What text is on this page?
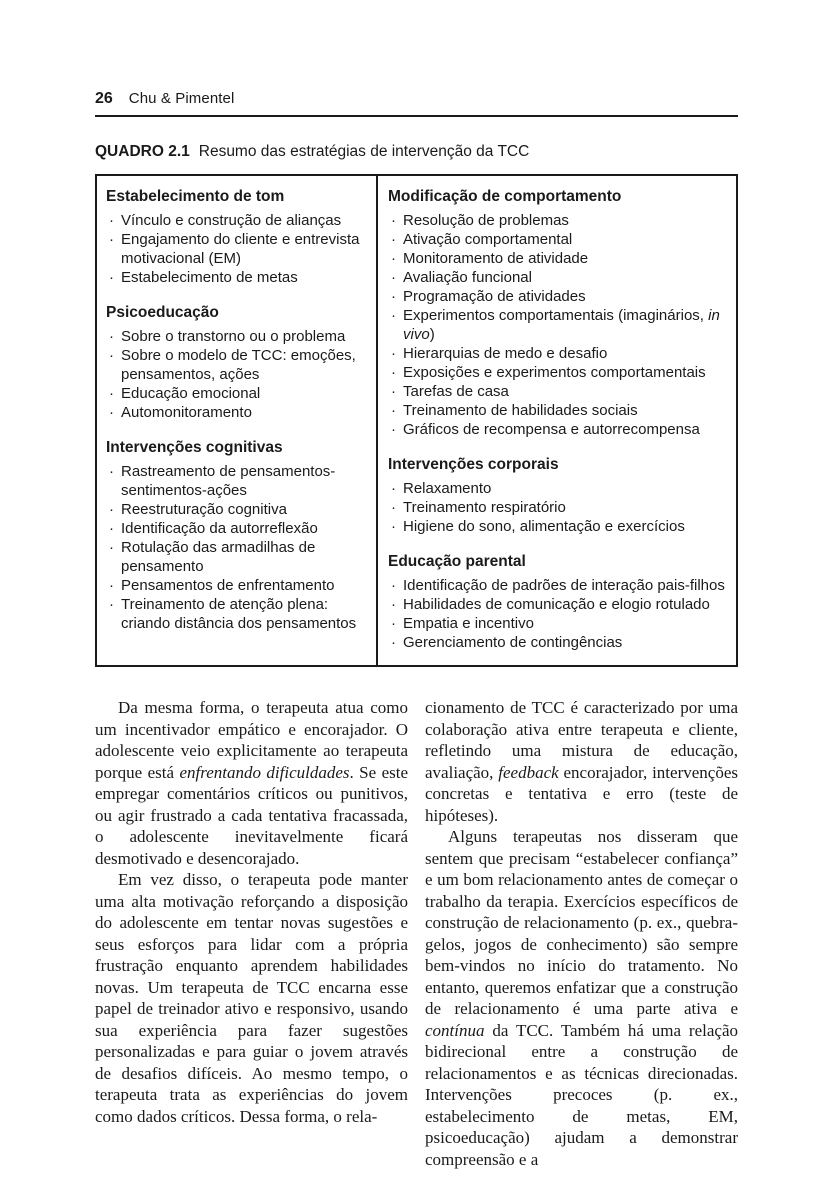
26 Chu & Pimentel
QUADRO 2.1 Resumo das estratégias de intervenção da TCC
Estabelecimento de tom
· Vínculo e construção de alianças
· Engajamento do cliente e entrevista motivacional (EM)
· Estabelecimento de metas
Psicoeducação
· Sobre o transtorno ou o problema
· Sobre o modelo de TCC: emoções, pensamentos, ações
· Educação emocional
· Automonitoramento
Intervenções cognitivas
· Rastreamento de pensamentos-sentimentos-ações
· Reestruturação cognitiva
· Identificação da autorreflexão
· Rotulação das armadilhas de pensamento
· Pensamentos de enfrentamento
· Treinamento de atenção plena: criando distância dos pensamentos
Modificação de comportamento
· Resolução de problemas
· Ativação comportamental
· Monitoramento de atividade
· Avaliação funcional
· Programação de atividades
· Experimentos comportamentais (imaginários, in vivo)
· Hierarquias de medo e desafio
· Exposições e experimentos comportamentais
· Tarefas de casa
· Treinamento de habilidades sociais
· Gráficos de recompensa e autorrecompensa
Intervenções corporais
· Relaxamento
· Treinamento respiratório
· Higiene do sono, alimentação e exercícios
Educação parental
· Identificação de padrões de interação pais-filhos
· Habilidades de comunicação e elogio rotulado
· Empatia e incentivo
· Gerenciamento de contingências

Da mesma forma, o terapeuta atua como um incentivador empático e encorajador. O adolescente veio explicitamente ao terapeuta porque está enfrentando dificuldades. Se este empregar comentários críticos ou punitivos, ou agir frustrado a cada tentativa fracassada, o adolescente inevitavelmente ficará desmotivado e desencorajado.

Em vez disso, o terapeuta pode manter uma alta motivação reforçando a disposição do adolescente em tentar novas sugestões e seus esforços para lidar com a própria frustração enquanto aprendem habilidades novas. Um terapeuta de TCC encarna esse papel de treinador ativo e responsivo, usando sua experiência para fazer sugestões personalizadas e para guiar o jovem através de desafios difíceis. Ao mesmo tempo, o terapeuta trata as experiências do jovem como dados críticos. Dessa forma, o rela-

cionamento de TCC é caracterizado por uma colaboração ativa entre terapeuta e cliente, refletindo uma mistura de educação, avaliação, feedback encorajador, intervenções concretas e tentativa e erro (teste de hipóteses).

Alguns terapeutas nos disseram que sentem que precisam “estabelecer confiança” e um bom relacionamento antes de começar o trabalho da terapia. Exercícios específicos de construção de relacionamento (p. ex., quebra-gelos, jogos de conhecimento) são sempre bem-vindos no início do tratamento. No entanto, queremos enfatizar que a construção de relacionamento é uma parte ativa e contínua da TCC. Também há uma relação bidirecional entre a construção de relacionamentos e as técnicas direcionadas. Intervenções precoces (p. ex., estabelecimento de metas, EM, psicoeducação) ajudam a demonstrar compreensão e a
